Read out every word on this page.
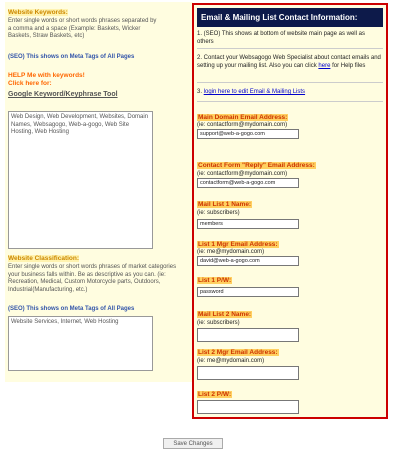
Website Keywords:
Enter single words or short words phrases separated by a comma and a space (Example: Baskets, Wicker Baskets, Straw Baskets, etc)
(SEO) This shows on Meta Tags of All Pages
HELP Me with keywords!
Click here for:
Google Keyword/Keyphrase Tool
Web Design, Web Development, Websites, Domain Names, Websagogo, Web-a-gogo, Web Site Hosting, Web Hosting
Website Classification:
Enter single words or short words phrases of market categories your business falls within. Be as descriptive as you can. (ie: Recreation, Medical, Custom Motorcycle parts, Outdoors, Industrial(Manufacturing, etc.)
(SEO) This shows on Meta Tags of All Pages
Website Services, Internet, Web Hosting
Email & Mailing List Contact Information:
1. (SEO) This shows at bottom of website main page as well as others
2. Contact your Websagogo Web Specialist about contact emails and setting up your mailing list. Also you can click here for Help files
3. login here to edit Email & Mailing Lists
Main Domain Email Address:
(ie: contactform@mydomain.com)
support@web-a-gogo.com
Contact Form "Reply" Email Address:
(ie: contactform@mydomain.com)
contactform@web-a-gogo.com
Mail List 1 Name:
(ie: subscribers)
members
List 1 Mgr Email Address:
(ie: me@mydomain.com)
david@web-a-gogo.com
List 1 P/W:
password
Mail List 2 Name:
(ie: subscribers)
List 2 Mgr Email Address:
(ie: me@mydomain.com)
List 2 P/W:
Save Changes
